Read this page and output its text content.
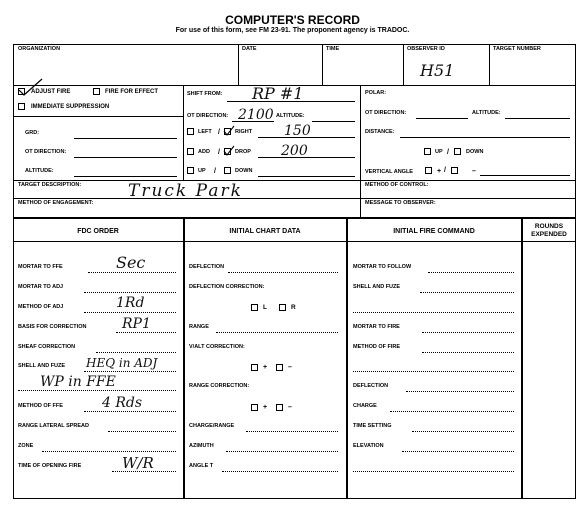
COMPUTER'S RECORD
For use of this form, see FM 23-91. The proponent agency is TRADOC.
ORGANIZATION	DATE	TIME	OBSERVER ID
H51
TARGET NUMBER
ADJUST FIRE	FIRE FOR EFFECT
IMMEDIATE SUPPRESSION
GRD:
OT DIRECTION:
ALTITUDE:
SHIFT FROM: RP #1
OT DIRECTION: 2100 ALTITUDE:
LEFT /	RIGHT 150
ADD /	DROP 200
UP /	DOWN
POLAR:
OT DIRECTION:	ALTITUDE:
DISTANCE:
UP /	DOWN
VERTICAL ANGLE	+ /	–
TARGET DESCRIPTION:	Truck Park	METHOD OF CONTROL:
METHOD OF ENGAGEMENT:	MESSAGE TO OBSERVER:
FDC ORDER	INITIAL CHART DATA	INITIAL FIRE COMMAND
ROUNDS
EXPENDED
MORTAR TO FFE	Sec
MORTAR TO ADJ
METHOD OF ADJ	1Rd
BASIS FOR CORRECTION	RP1
SHEAF CORRECTION
SHELL AND FUZE HEQ in ADJ
WP in FFE
METHOD OF FFE	4 Rds
RANGE LATERAL SPREAD
ZONE
TIME OF OPENING FIRE	W/R
DEFLECTION
DEFLECTION CORRECTION:
L	R
RANGE
V/ALT CORRECTION:
+	–
RANGE CORRECTION:
+	–
CHARGE/RANGE
AZIMUTH
ANGLE T
MORTAR TO FOLLOW
SHELL AND FUZE
MORTAR TO FIRE
METHOD OF FIRE
DEFLECTION
CHARGE
TIME SETTING
ELEVATION
